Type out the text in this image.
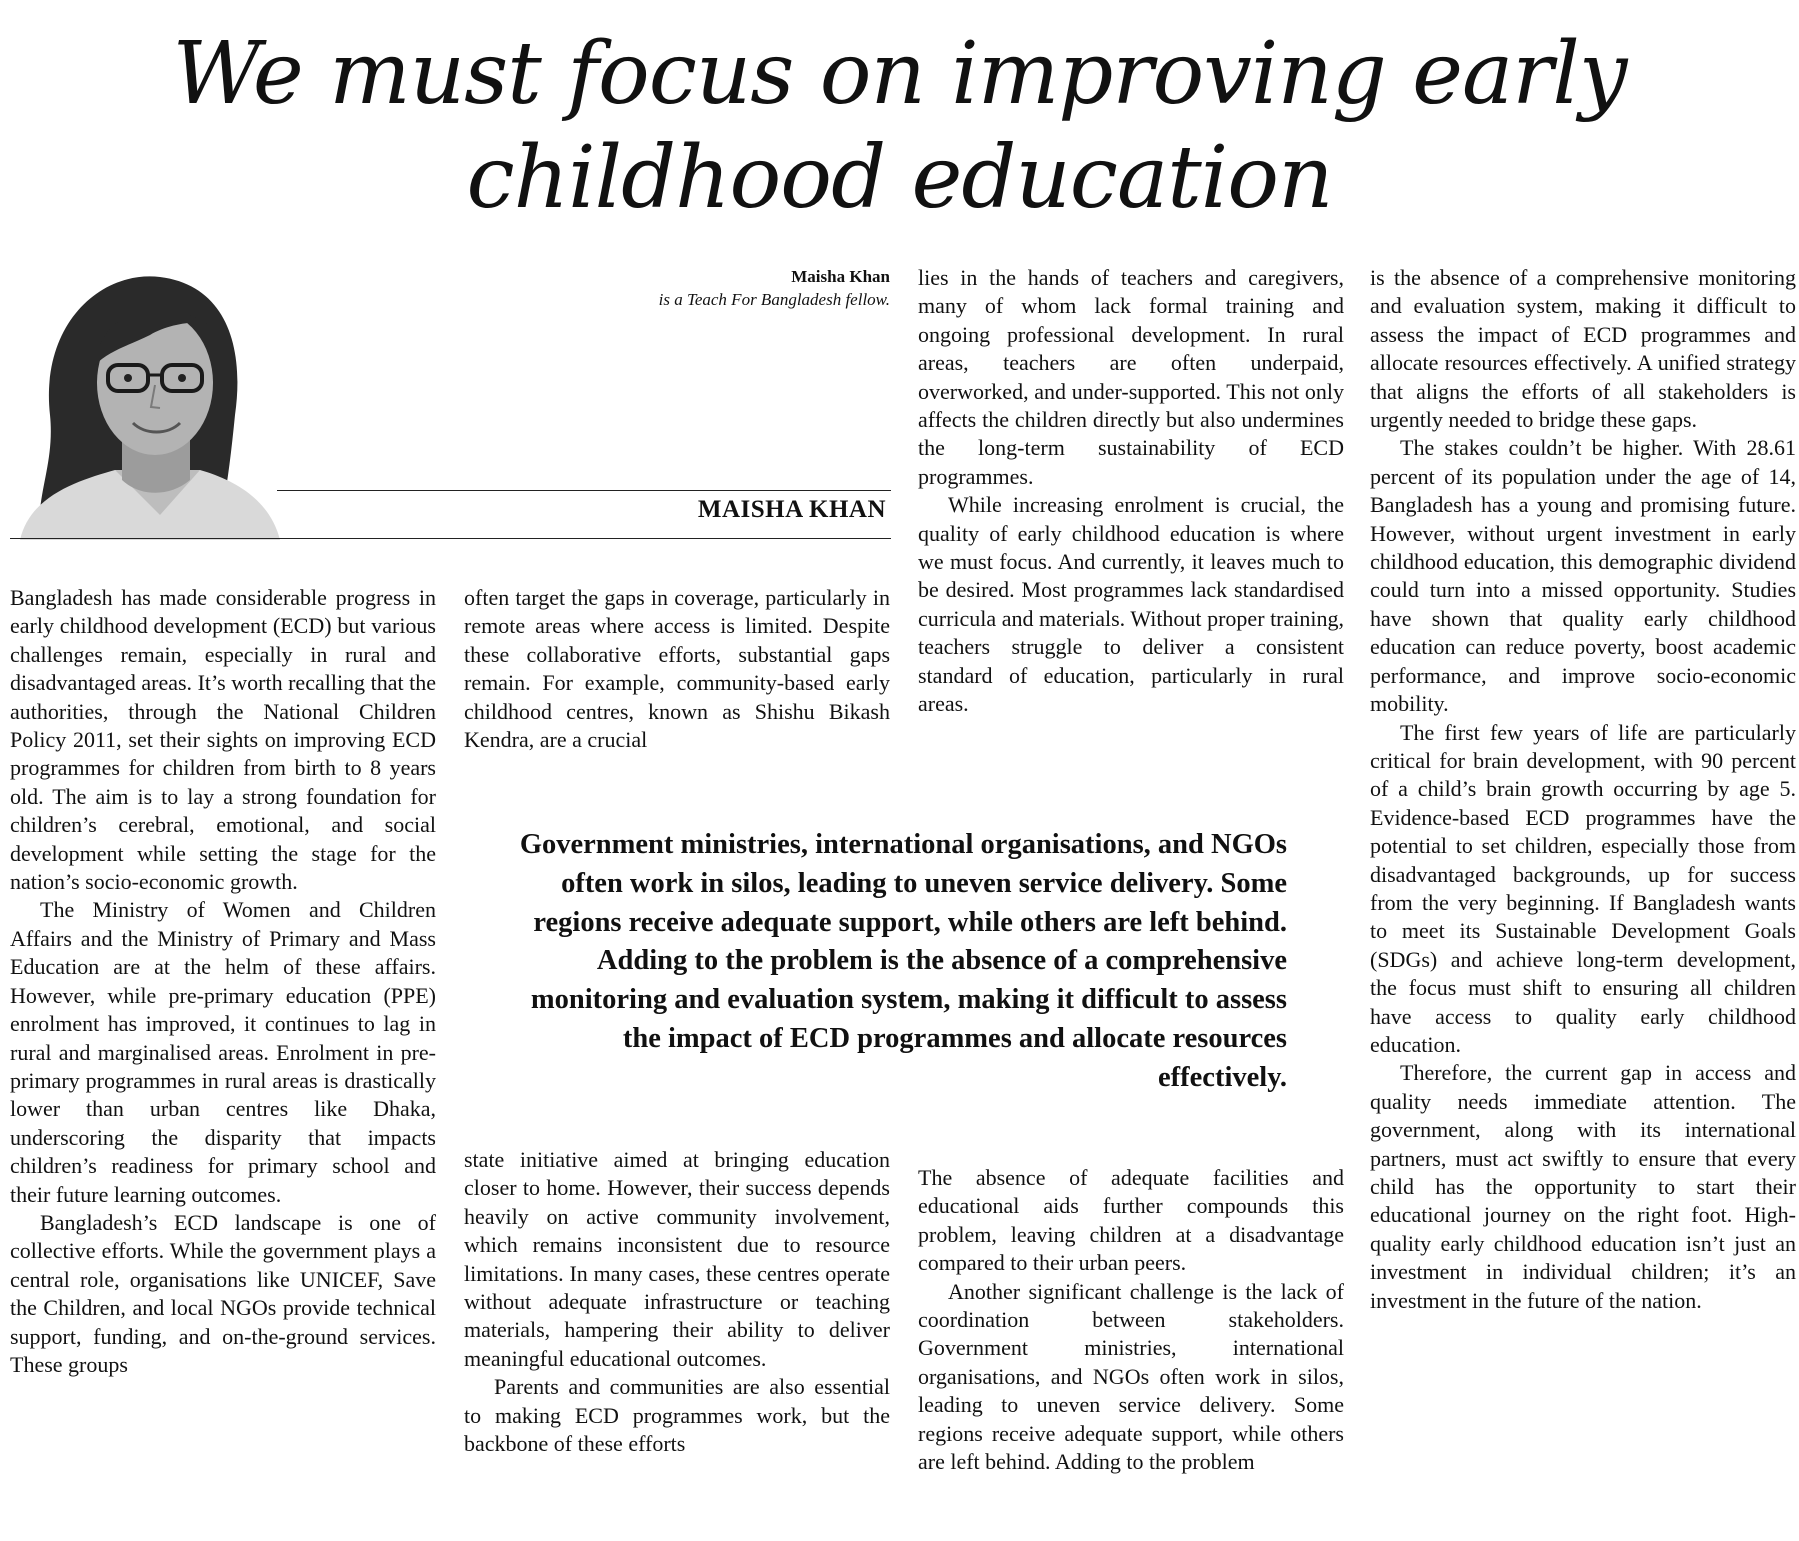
We must focus on improving early childhood education
Maisha Khan
is a Teach For Bangladesh fellow.
MAISHA KHAN

Bangladesh has made considerable progress in early childhood development (ECD) but various challenges remain, especially in rural and disadvantaged areas. It’s worth recalling that the authorities, through the National Children Policy 2011, set their sights on improving ECD programmes for children from birth to 8 years old. The aim is to lay a strong foundation for children’s cerebral, emotional, and social development while setting the stage for the nation’s socio-economic growth.

The Ministry of Women and Children Affairs and the Ministry of Primary and Mass Education are at the helm of these affairs. However, while pre-primary education (PPE) enrolment has improved, it continues to lag in rural and marginalised areas. Enrolment in pre-primary programmes in rural areas is drastically lower than urban centres like Dhaka, underscoring the disparity that impacts children’s readiness for primary school and their future learning outcomes.

Bangladesh’s ECD landscape is one of collective efforts. While the government plays a central role, organisations like UNICEF, Save the Children, and local NGOs provide technical support, funding, and on-the-ground services. These groups

often target the gaps in coverage, particularly in remote areas where access is limited. Despite these collaborative efforts, substantial gaps remain. For example, community-based early childhood centres, known as Shishu Bikash Kendra, are a crucial

state initiative aimed at bringing education closer to home. However, their success depends heavily on active community involvement, which remains inconsistent due to resource limitations. In many cases, these centres operate without adequate infrastructure or teaching materials, hampering their ability to deliver meaningful educational outcomes.

Parents and communities are also essential to making ECD programmes work, but the backbone of these efforts

lies in the hands of teachers and caregivers, many of whom lack formal training and ongoing professional development. In rural areas, teachers are often underpaid, overworked, and under-supported. This not only affects the children directly but also undermines the long-term sustainability of ECD programmes.

While increasing enrolment is crucial, the quality of early childhood education is where we must focus. And currently, it leaves much to be desired. Most programmes lack standardised curricula and materials. Without proper training, teachers struggle to deliver a consistent standard of education, particularly in rural areas.

Government ministries, international organisations, and NGOs often work in silos, leading to uneven service delivery. Some regions receive adequate support, while others are left behind. Adding to the problem is the absence of a comprehensive monitoring and evaluation system, making it difficult to assess the impact of ECD programmes and allocate resources effectively.

The absence of adequate facilities and educational aids further compounds this problem, leaving children at a disadvantage compared to their urban peers.

Another significant challenge is the lack of coordination between stakeholders. Government ministries, international organisations, and NGOs often work in silos, leading to uneven service delivery. Some regions receive adequate support, while others are left behind. Adding to the problem

is the absence of a comprehensive monitoring and evaluation system, making it difficult to assess the impact of ECD programmes and allocate resources effectively. A unified strategy that aligns the efforts of all stakeholders is urgently needed to bridge these gaps.

The stakes couldn’t be higher. With 28.61 percent of its population under the age of 14, Bangladesh has a young and promising future. However, without urgent investment in early childhood education, this demographic dividend could turn into a missed opportunity. Studies have shown that quality early childhood education can reduce poverty, boost academic performance, and improve socio-economic mobility.

The first few years of life are particularly critical for brain development, with 90 percent of a child’s brain growth occurring by age 5. Evidence-based ECD programmes have the potential to set children, especially those from disadvantaged backgrounds, up for success from the very beginning. If Bangladesh wants to meet its Sustainable Development Goals (SDGs) and achieve long-term development, the focus must shift to ensuring all children have access to quality early childhood education.

Therefore, the current gap in access and quality needs immediate attention. The government, along with its international partners, must act swiftly to ensure that every child has the opportunity to start their educational journey on the right foot. High-quality early childhood education isn’t just an investment in individual children; it’s an investment in the future of the nation.
